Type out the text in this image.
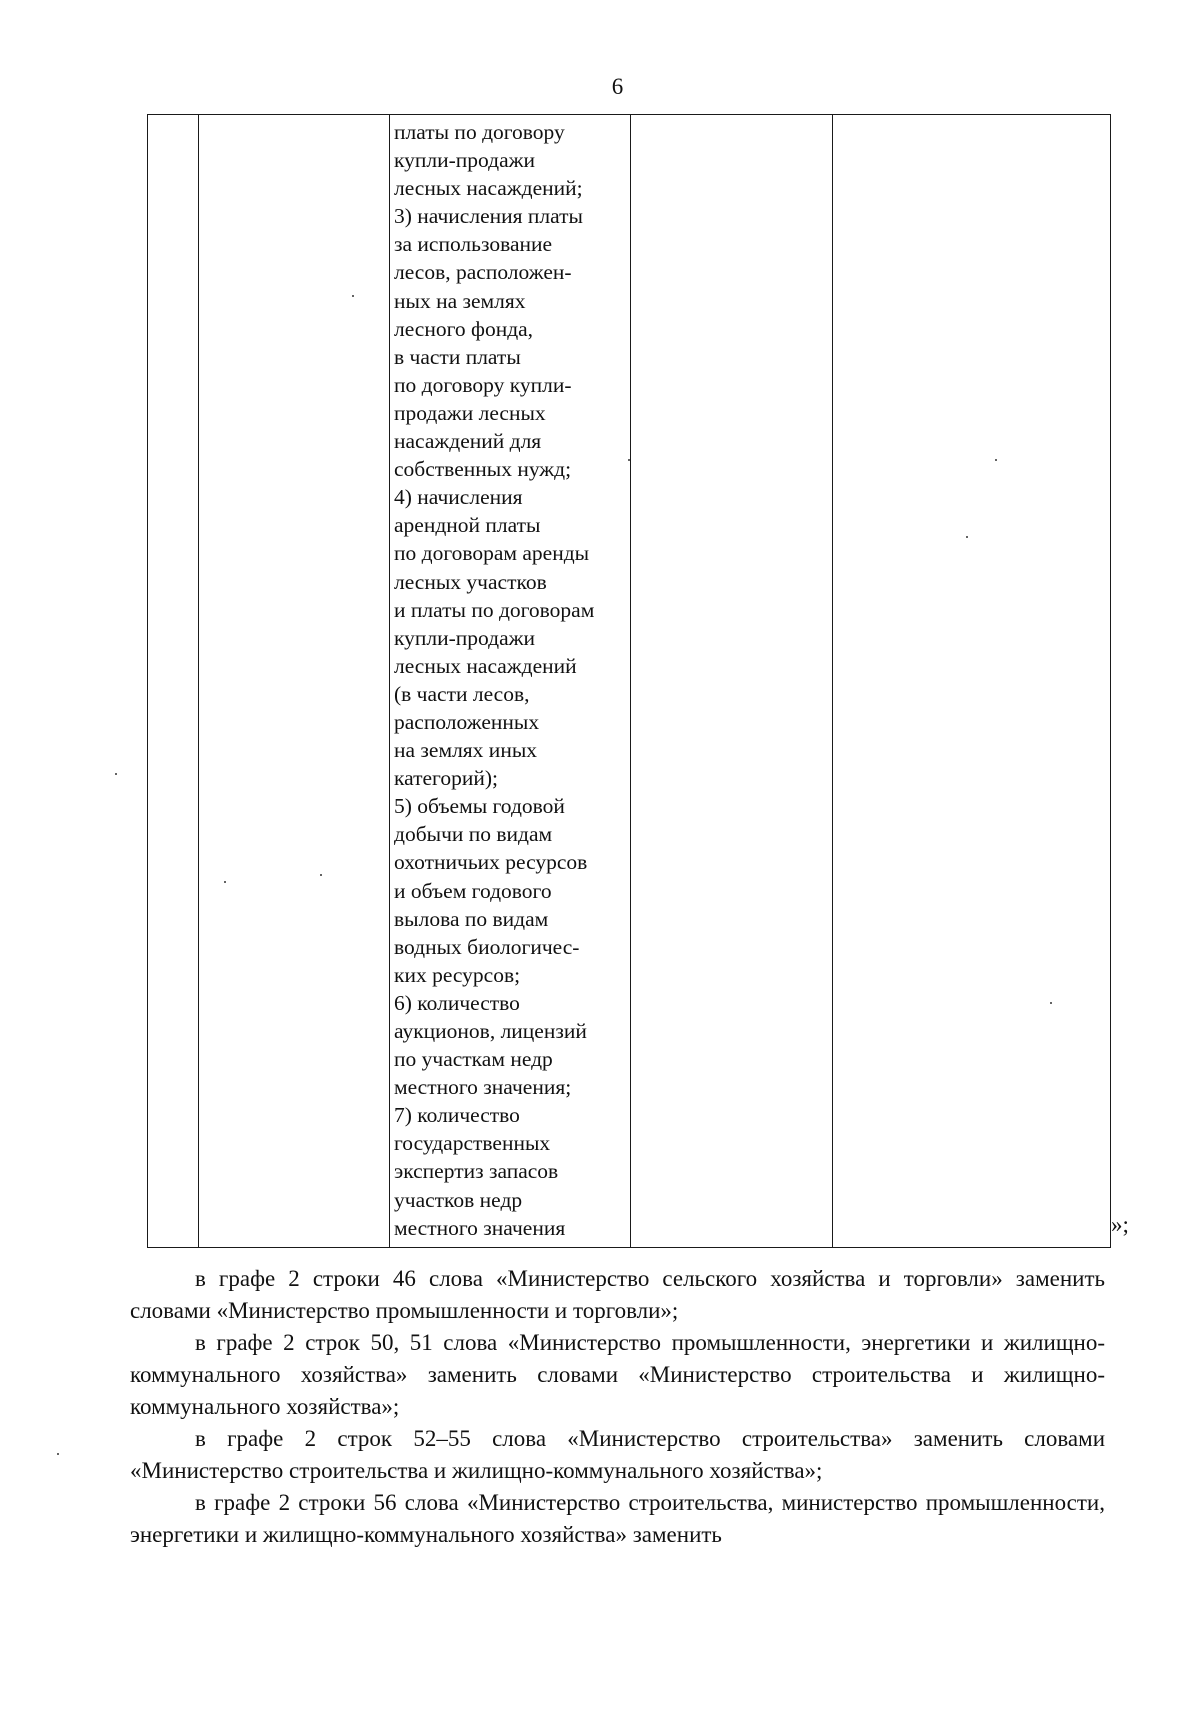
6

платы по договору
купли-продажи
лесных насаждений;
3) начисления платы
за использование
лесов, расположен-
ных на землях
лесного фонда,
в части платы
по договору купли-
продажи лесных
насаждений для
собственных нужд;
4) начисления
арендной платы
по договорам аренды
лесных участков
и платы по договорам
купли-продажи
лесных насаждений
(в части лесов,
расположенных
на землях иных
категорий);
5) объемы годовой
добычи по видам
охотничьих ресурсов
и объем годового
вылова по видам
водных биологичес-
ких ресурсов;
6) количество
аукционов, лицензий
по участкам недр
местного значения;
7) количество
государственных
экспертиз запасов
участков недр
местного значения
			»;

в графе 2 строки 46 слова «Министерство сельского хозяйства и торговли» заменить словами «Министерство промышленности и торговли»;

в графе 2 строк 50, 51 слова «Министерство промышленности, энергетики и жилищно-коммунального хозяйства» заменить словами «Министерство строительства и жилищно-коммунального хозяйства»;

в графе 2 строк 52–55 слова «Министерство строительства» заменить словами «Министерство строительства и жилищно-коммунального хозяйства»;

в графе 2 строки 56 слова «Министерство строительства, министерство промышленности, энергетики и жилищно-коммунального хозяйства» заменить
